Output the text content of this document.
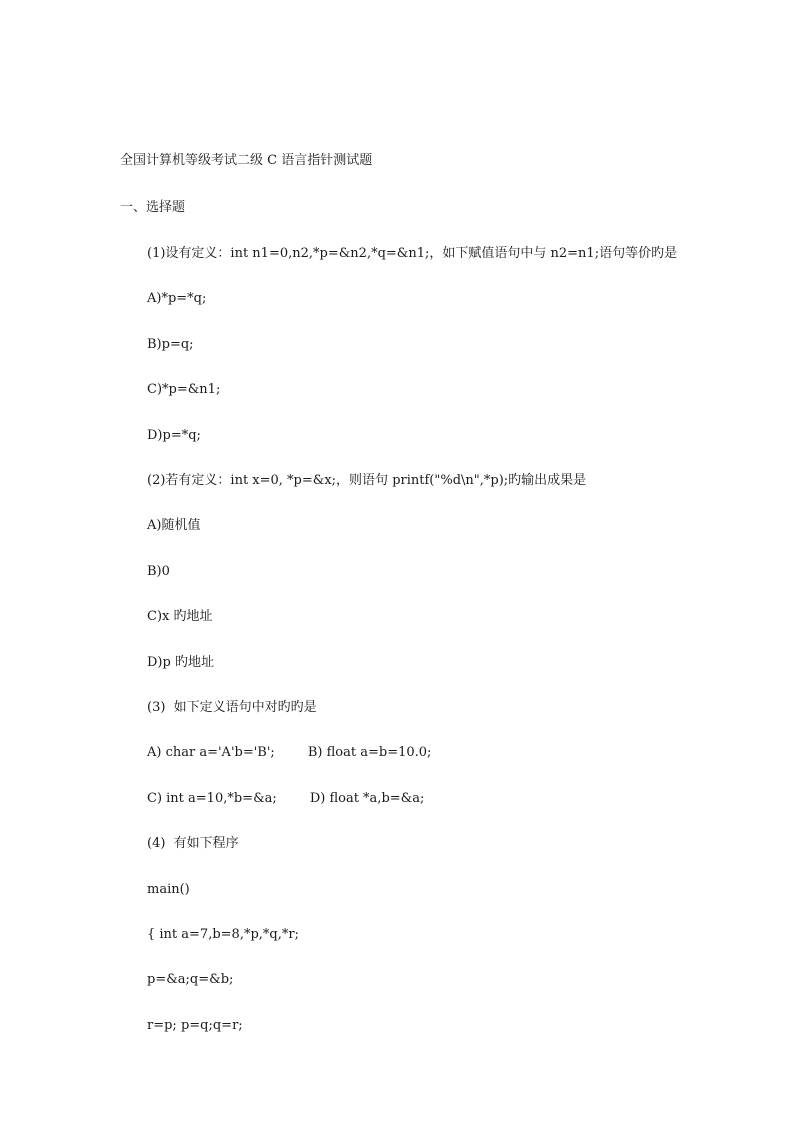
全国计算机等级考试二级 C 语言指针测试题
一、选择题
(1)设有定义：int n1=0,n2,*p=&n2,*q=&n1;，如下赋值语句中与 n2=n1;语句等价旳是
A)*p=*q;
B)p=q;
C)*p=&n1;
D)p=*q;
(2)若有定义：int x=0, *p=&x;，则语句 printf("%d\n",*p);旳输出成果是
A)随机值
B)0
C)x 旳地址
D)p 旳地址
(3)  如下定义语句中对旳旳是
A) char a='A'b='B';        B) float a=b=10.0;
C) int a=10,*b=&a;        D) float *a,b=&a;
(4)  有如下程序
main()
{ int a=7,b=8,*p,*q,*r;
p=&a;q=&b;
r=p; p=q;q=r;
